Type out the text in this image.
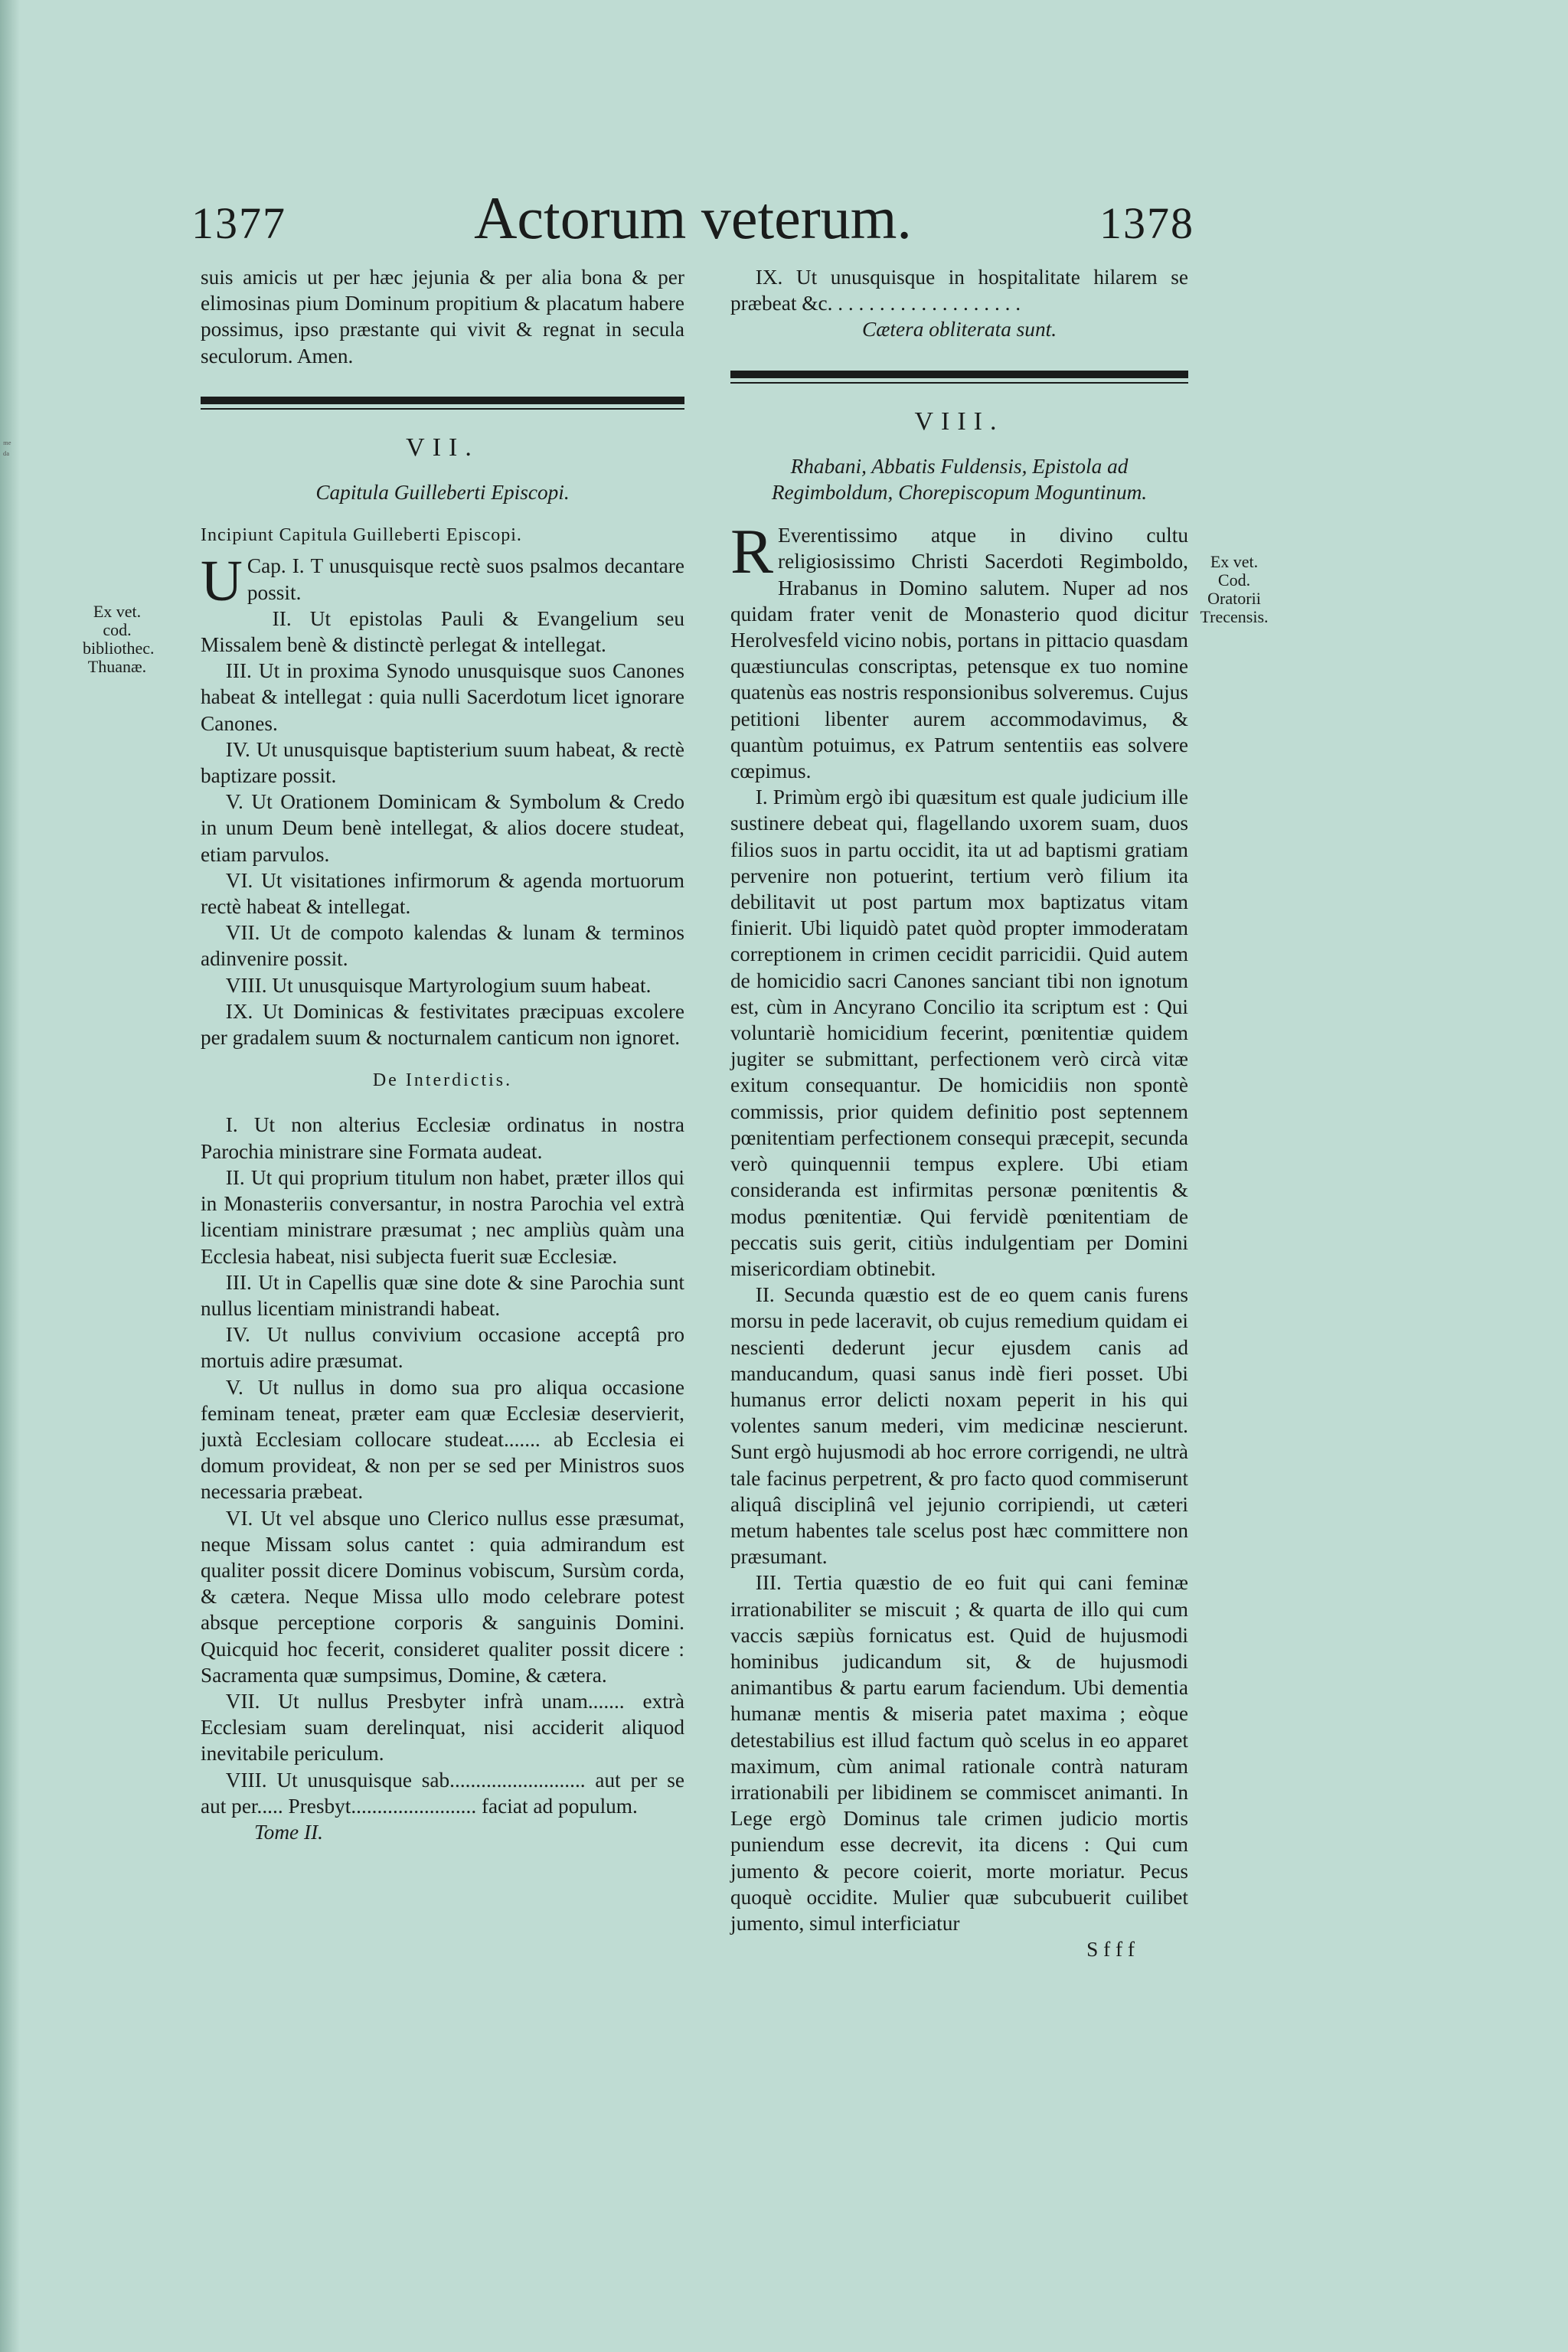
ᵐᵉ
ᵈᵃ
1377	Actorum veterum.	1378
Ex vet. cod. bibliothec. Thuanæ.
Ex vet. Cod. Oratorii Trecensis.

suis amicis ut per hæc jejunia & per alia bona & per elimosinas pium Dominum propitium & placatum habere possimus, ipso præstante qui vivit & regnat in secula seculorum. Amen.

VII.
Capitula Guilleberti Episcopi.
Incipiunt Capitula Guilleberti Episcopi.

Cap. I.
U	T unusquisque rectè suos psalmos decantare possit.

II. Ut epistolas Pauli & Evangelium seu Missalem benè & distinctè perlegat & intellegat.

III. Ut in proxima Synodo unusquisque suos Canones habeat & intellegat : quia nulli Sacerdotum licet ignorare Canones.

IV. Ut unusquisque baptisterium suum habeat, & rectè baptizare possit.

V. Ut Orationem Dominicam & Symbolum & Credo in unum Deum benè intellegat, & alios docere studeat, etiam parvulos.

VI. Ut visitationes infirmorum & agenda mortuorum rectè habeat & intellegat.

VII. Ut de compoto kalendas & lunam & terminos adinvenire possit.

VIII. Ut unusquisque Martyrologium suum habeat.

IX. Ut Dominicas & festivitates præcipuas excolere per gradalem suum & nocturnalem canticum non ignoret.

De Interdictis.

I. Ut non alterius Ecclesiæ ordinatus in nostra Parochia ministrare sine Formata audeat.

II. Ut qui proprium titulum non habet, præter illos qui in Monasteriis conversantur, in nostra Parochia vel extrà licentiam ministrare præsumat ; nec ampliùs quàm una Ecclesia habeat, nisi subjecta fuerit suæ Ecclesiæ.

III. Ut in Capellis quæ sine dote & sine Parochia sunt nullus licentiam ministrandi habeat.

IV. Ut nullus convivium occasione acceptâ pro mortuis adire præsumat.

V. Ut nullus in domo sua pro aliqua occasione feminam teneat, præter eam quæ Ecclesiæ deservierit, juxtà Ecclesiam collocare studeat....... ab Ecclesia ei domum provideat, & non per se sed per Ministros suos necessaria præbeat.

VI. Ut vel absque uno Clerico nullus esse præsumat, neque Missam solus cantet : quia admirandum est qualiter possit dicere Dominus vobiscum, Sursùm corda, & cætera. Neque Missa ullo modo celebrare potest absque perceptione corporis & sanguinis Domini. Quicquid hoc fecerit, consideret qualiter possit dicere : Sacramenta quæ sumpsimus, Domine, & cætera.

VII. Ut nullus Presbyter infrà unam....... extrà Ecclesiam suam derelinquat, nisi acciderit aliquod inevitabile periculum.

VIII. Ut unusquisque sab.......................... aut per se aut per..... Presbyt........................ faciat ad populum.

Tome II.

IX. Ut unusquisque in hospitalitate hilarem se præbeat &c. . . . . . . . . . . . . . . . . . .

Cætera obliterata sunt.
VIII.
Rhabani, Abbatis Fuldensis, Epistola ad Regimboldum, Chorepiscopum Moguntinum.

R Everentissimo atque in divino cultu religiosissimo Christi Sacerdoti Regimboldo, Hrabanus in Domino salutem. Nuper ad nos quidam frater venit de Monasterio quod dicitur Herolvesfeld vicino nobis, portans in pittacio quasdam quæstiunculas conscriptas, petensque ex tuo nomine quatenùs eas nostris responsionibus solveremus. Cujus petitioni libenter aurem accommodavimus, & quantùm potuimus, ex Patrum sententiis eas solvere cœpimus.

I. Primùm ergò ibi quæsitum est quale judicium ille sustinere debeat qui, flagellando uxorem suam, duos filios suos in partu occidit, ita ut ad baptismi gratiam pervenire non potuerint, tertium verò filium ita debilitavit ut post partum mox baptizatus vitam finierit. Ubi liquidò patet quòd propter immoderatam correptionem in crimen cecidit parricidii. Quid autem de homicidio sacri Canones sanciant tibi non ignotum est, cùm in Ancyrano Concilio ita scriptum est : Qui voluntariè homicidium fecerint, pœnitentiæ quidem jugiter se submittant, perfectionem verò circà vitæ exitum consequantur. De homicidiis non spontè commissis, prior quidem definitio post septennem pœnitentiam perfectionem consequi præcepit, secunda verò quinquennii tempus explere. Ubi etiam consideranda est infirmitas personæ pœnitentis & modus pœnitentiæ. Qui fervidè pœnitentiam de peccatis suis gerit, citiùs indulgentiam per Domini misericordiam obtinebit.

II. Secunda quæstio est de eo quem canis furens morsu in pede laceravit, ob cujus remedium quidam ei nescienti dederunt jecur ejusdem canis ad manducandum, quasi sanus indè fieri posset. Ubi humanus error delicti noxam peperit in his qui volentes sanum mederi, vim medicinæ nescierunt. Sunt ergò hujusmodi ab hoc errore corrigendi, ne ultrà tale facinus perpetrent, & pro facto quod commiserunt aliquâ disciplinâ vel jejunio corripiendi, ut cæteri metum habentes tale scelus post hæc committere non præsumant.

III. Tertia quæstio de eo fuit qui cani feminæ irrationabiliter se miscuit ; & quarta de illo qui cum vaccis sæpiùs fornicatus est. Quid de hujusmodi hominibus judicandum sit, & de hujusmodi animantibus & partu earum faciendum. Ubi dementia humanæ mentis & miseria patet maxima ; eòque detestabilius est illud factum quò scelus in eo apparet maximum, cùm animal rationale contrà naturam irrationabili per libidinem se commiscet animanti. In Lege ergò Dominus tale crimen judicio mortis puniendum esse decrevit, ita dicens : Qui cum jumento & pecore coierit, morte moriatur. Pecus quoquè occidite. Mulier quæ subcubuerit cuilibet jumento, simul interficiatur

S f f f
